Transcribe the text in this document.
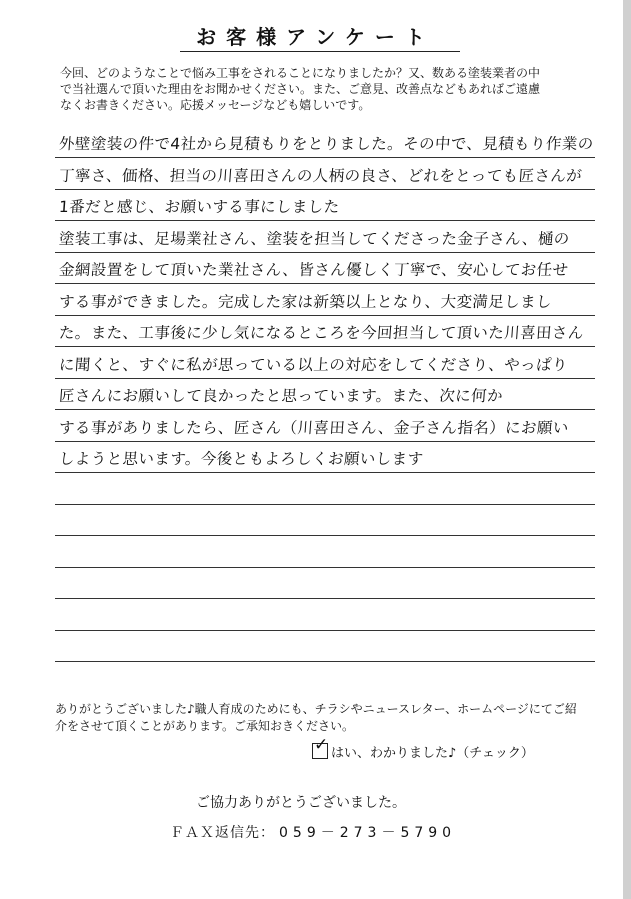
お客様アンケート
今回、どのようなことで悩み工事をされることになりましたか？又、数ある塗装業者の中
で当社選んで頂いた理由をお聞かせください。また、ご意見、改善点などもあればご遠慮
なくお書きください。応援メッセージなども嬉しいです。
外壁塗装の件で4社から見積もりをとりました。その中で、見積もり作業の
丁寧さ、価格、担当の川喜田さんの人柄の良さ、どれをとっても匠さんが
1番だと感じ、お願いする事にしました
塗装工事は、足場業社さん、塗装を担当してくださった金子さん、樋の
金網設置をして頂いた業社さん、皆さん優しく丁寧で、安心してお任せ
する事ができました。完成した家は新築以上となり、大変満足しまし
た。また、工事後に少し気になるところを今回担当して頂いた川喜田さん
に聞くと、すぐに私が思っている以上の対応をしてくださり、やっぱり
匠さんにお願いして良かったと思っています。また、次に何か
する事がありましたら、匠さん（川喜田さん、金子さん指名）にお願い
しようと思います。今後ともよろしくお願いします
ありがとうございました♪職人育成のためにも、チラシやニュースレター、ホームページにてご紹
介をさせて頂くことがあります。ご承知おきください。
✓ はい、わかりました♪（チェック）
ご協力ありがとうございました。
ＦＡＸ返信先： 059－273－5790
